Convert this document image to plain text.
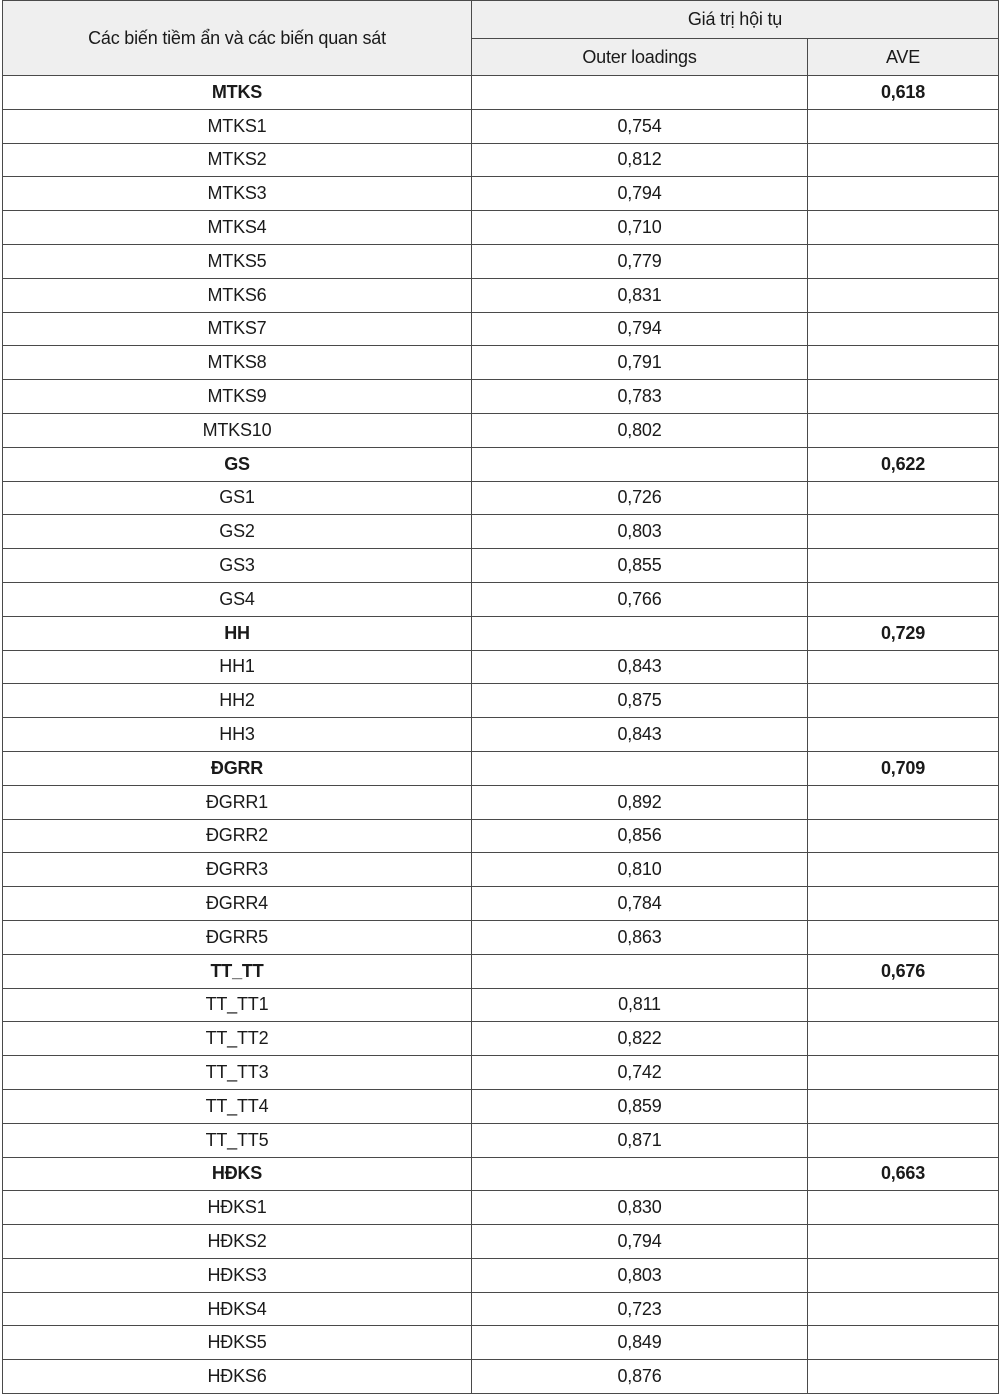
Các biến tiềm ẩn và các biến quan sát	Giá trị hội tụ	
	Outer loadings	AVE
MTKS		0,618
MTKS1	0,754	
MTKS2	0,812	
MTKS3	0,794	
MTKS4	0,710	
MTKS5	0,779	
MTKS6	0,831	
MTKS7	0,794	
MTKS8	0,791	
MTKS9	0,783	
MTKS10	0,802	
GS		0,622
GS1	0,726	
GS2	0,803	
GS3	0,855	
GS4	0,766	
HH		0,729
HH1	0,843	
HH2	0,875	
HH3	0,843	
ĐGRR		0,709
ĐGRR1	0,892	
ĐGRR2	0,856	
ĐGRR3	0,810	
ĐGRR4	0,784	
ĐGRR5	0,863	
TT_TT		0,676
TT_TT1	0,811	
TT_TT2	0,822	
TT_TT3	0,742	
TT_TT4	0,859	
TT_TT5	0,871	
HĐKS		0,663
HĐKS1	0,830	
HĐKS2	0,794	
HĐKS3	0,803	
HĐKS4	0,723	
HĐKS5	0,849	
HĐKS6	0,876	
